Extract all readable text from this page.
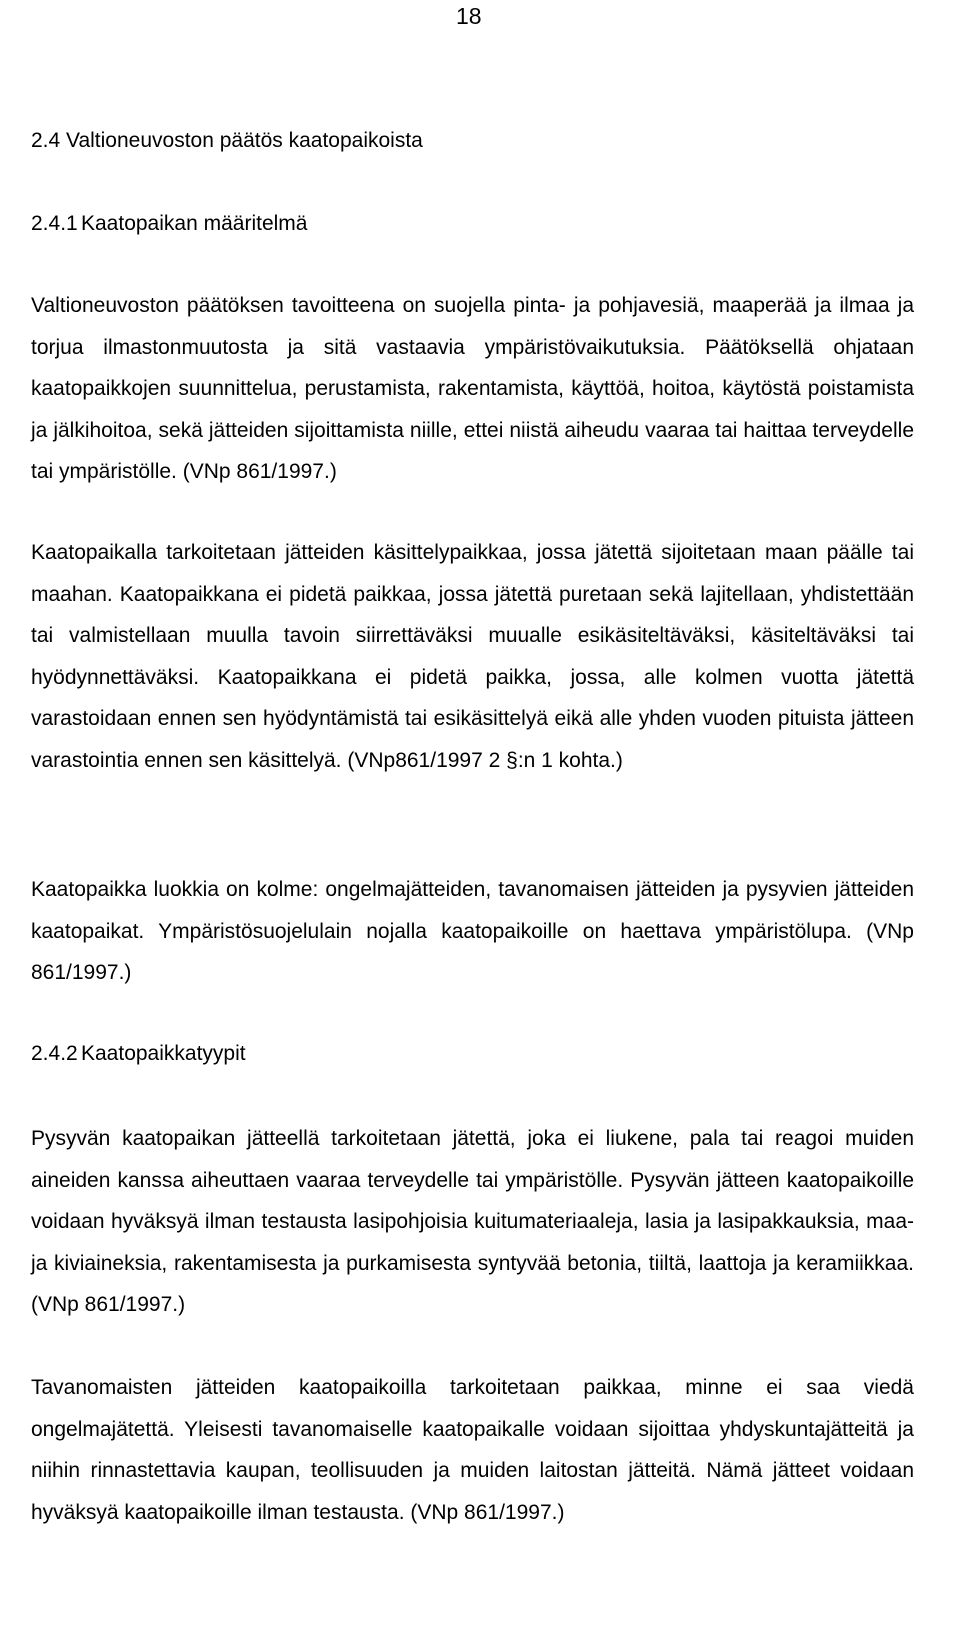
18
2.4 Valtioneuvoston päätös kaatopaikoista
2.4.1 Kaatopaikan määritelmä

Valtioneuvoston päätöksen tavoitteena on suojella pinta- ja pohjavesiä, maaperää ja ilmaa ja torjua ilmastonmuutosta ja sitä vastaavia ympäristövaikutuksia. Päätöksellä ohjataan kaatopaikkojen suunnittelua, perustamista, rakentamista, käyttöä, hoitoa, käytöstä poistamista ja jälkihoitoa, sekä jätteiden sijoittamista niille, ettei niistä aiheudu vaaraa tai haittaa terveydelle tai ympäristölle. (VNp 861/1997.)

Kaatopaikalla tarkoitetaan jätteiden käsittelypaikkaa, jossa jätettä sijoitetaan maan päälle tai maahan. Kaatopaikkana ei pidetä paikkaa, jossa jätettä puretaan sekä lajitellaan, yhdistettään tai valmistellaan muulla tavoin siirrettäväksi muualle esikäsiteltäväksi, käsiteltäväksi tai hyödynnettäväksi. Kaatopaikkana ei pidetä paikka, jossa, alle kolmen vuotta jätettä varastoidaan ennen sen hyödyntämistä tai esikäsittelyä eikä alle yhden vuoden pituista jätteen varastointia ennen sen käsittelyä. (VNp861/1997 2 §:n 1 kohta.)

Kaatopaikka luokkia on kolme: ongelmajätteiden, tavanomaisen jätteiden ja pysyvien jätteiden kaatopaikat. Ympäristösuojelulain nojalla kaatopaikoille on haettava ympäristölupa. (VNp 861/1997.)

2.4.2 Kaatopaikkatyypit

Pysyvän kaatopaikan jätteellä tarkoitetaan jätettä, joka ei liukene, pala tai reagoi muiden aineiden kanssa aiheuttaen vaaraa terveydelle tai ympäristölle. Pysyvän jätteen kaatopaikoille voidaan hyväksyä ilman testausta lasipohjoisia kuitumateriaaleja, lasia ja lasipakkauksia, maa- ja kiviaineksia, rakentamisesta ja purkamisesta syntyvää betonia, tiiltä, laattoja ja keramiikkaa. (VNp 861/1997.)

Tavanomaisten jätteiden kaatopaikoilla tarkoitetaan paikkaa, minne ei saa viedä ongelmajätettä. Yleisesti tavanomaiselle kaatopaikalle voidaan sijoittaa yhdyskuntajätteitä ja niihin rinnastettavia kaupan, teollisuuden ja muiden laitostan jätteitä. Nämä jätteet voidaan hyväksyä kaatopaikoille ilman testausta. (VNp 861/1997.)
